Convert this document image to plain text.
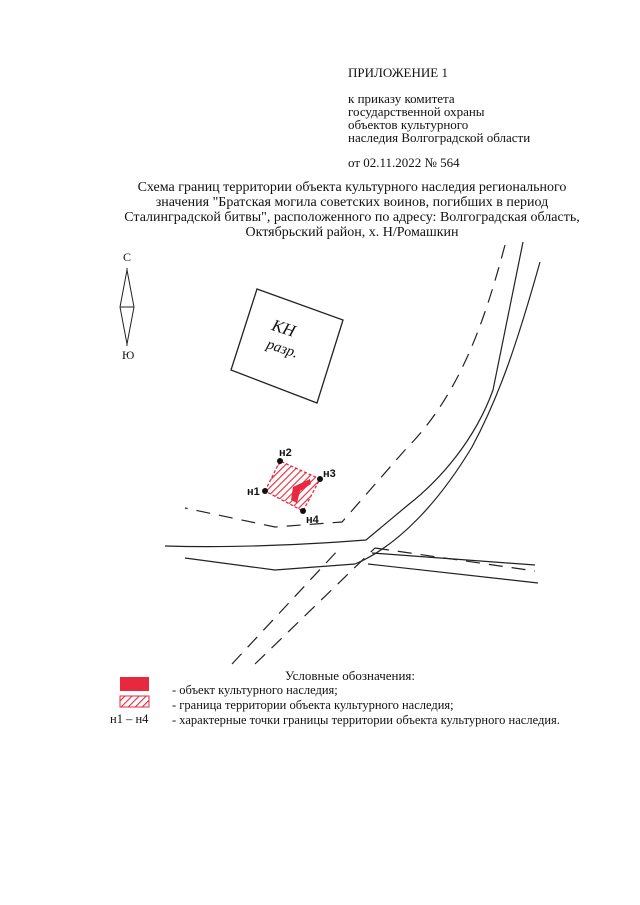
ПРИЛОЖЕНИЕ 1
к приказу комитета
государственной охраны
объектов культурного
наследия Волгоградской области
от 02.11.2022 № 564
Схема границ территории объекта культурного наследия регионального
значения "Братская могила советских воинов, погибших в период
Сталинградской битвы", расположенного по адресу: Волгоградская область,
Октябрьский район, х. Н/Ромашкин
С
Ю
н1
н2
н3
н4
КН
разр.
Условные обозначения:
- объект культурного наследия;
- граница территории объекта культурного наследия;
н1 – н4 - характерные точки границы территории объекта культурного наследия.
